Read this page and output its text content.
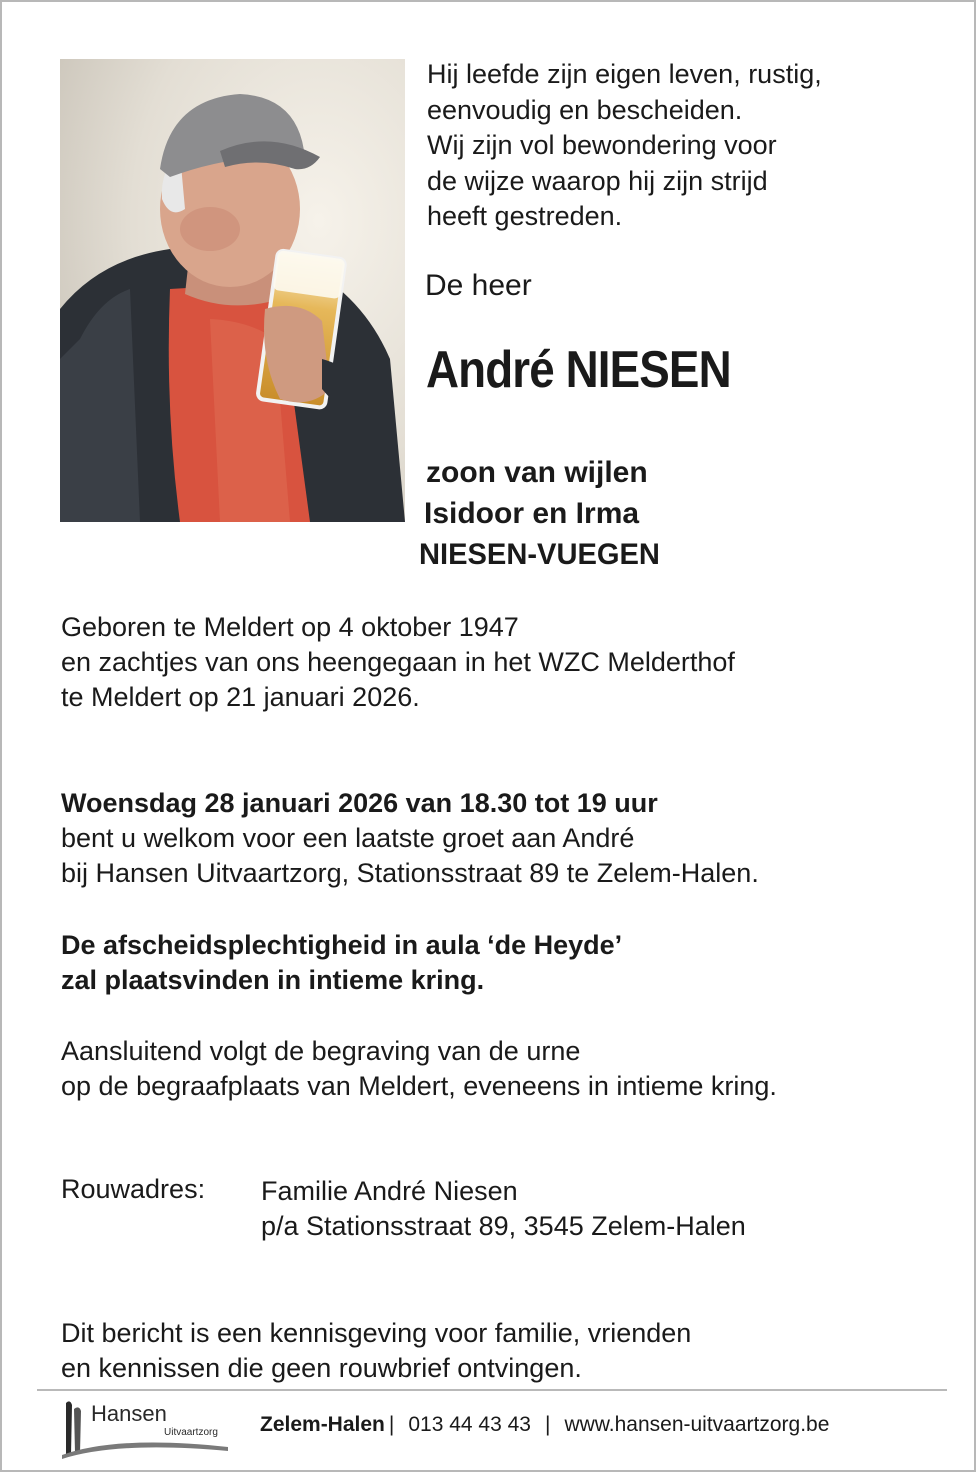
Hij leefde zijn eigen leven, rustig,
eenvoudig en bescheiden.
Wij zijn vol bewondering voor
de wijze waarop hij zijn strijd
heeft gestreden.
De heer
André NIESEN
zoon van wijlen
Isidoor en Irma
NIESEN-VUEGEN
Geboren te Meldert op 4 oktober 1947
en zachtjes van ons heengegaan in het WZC Melderthof
te Meldert op 21 januari 2026.
Woensdag 28 januari 2026 van 18.30 tot 19 uur
bent u welkom voor een laatste groet aan André
bij Hansen Uitvaartzorg, Stationsstraat 89 te Zelem-Halen.
De afscheidsplechtigheid in aula ‘de Heyde’
zal plaatsvinden in intieme kring.
Aansluitend volgt de begraving van de urne
op de begraafplaats van Meldert, eveneens in intieme kring.
Rouwadres: Familie André Niesen
p/a Stationsstraat 89, 3545 Zelem-Halen
Dit bericht is een kennisgeving voor familie, vrienden
en kennissen die geen rouwbrief ontvingen.
Hansen
Uitvaartzorg Zelem-Halen | 013 44 43 43 | www.hansen-uitvaartzorg.be
